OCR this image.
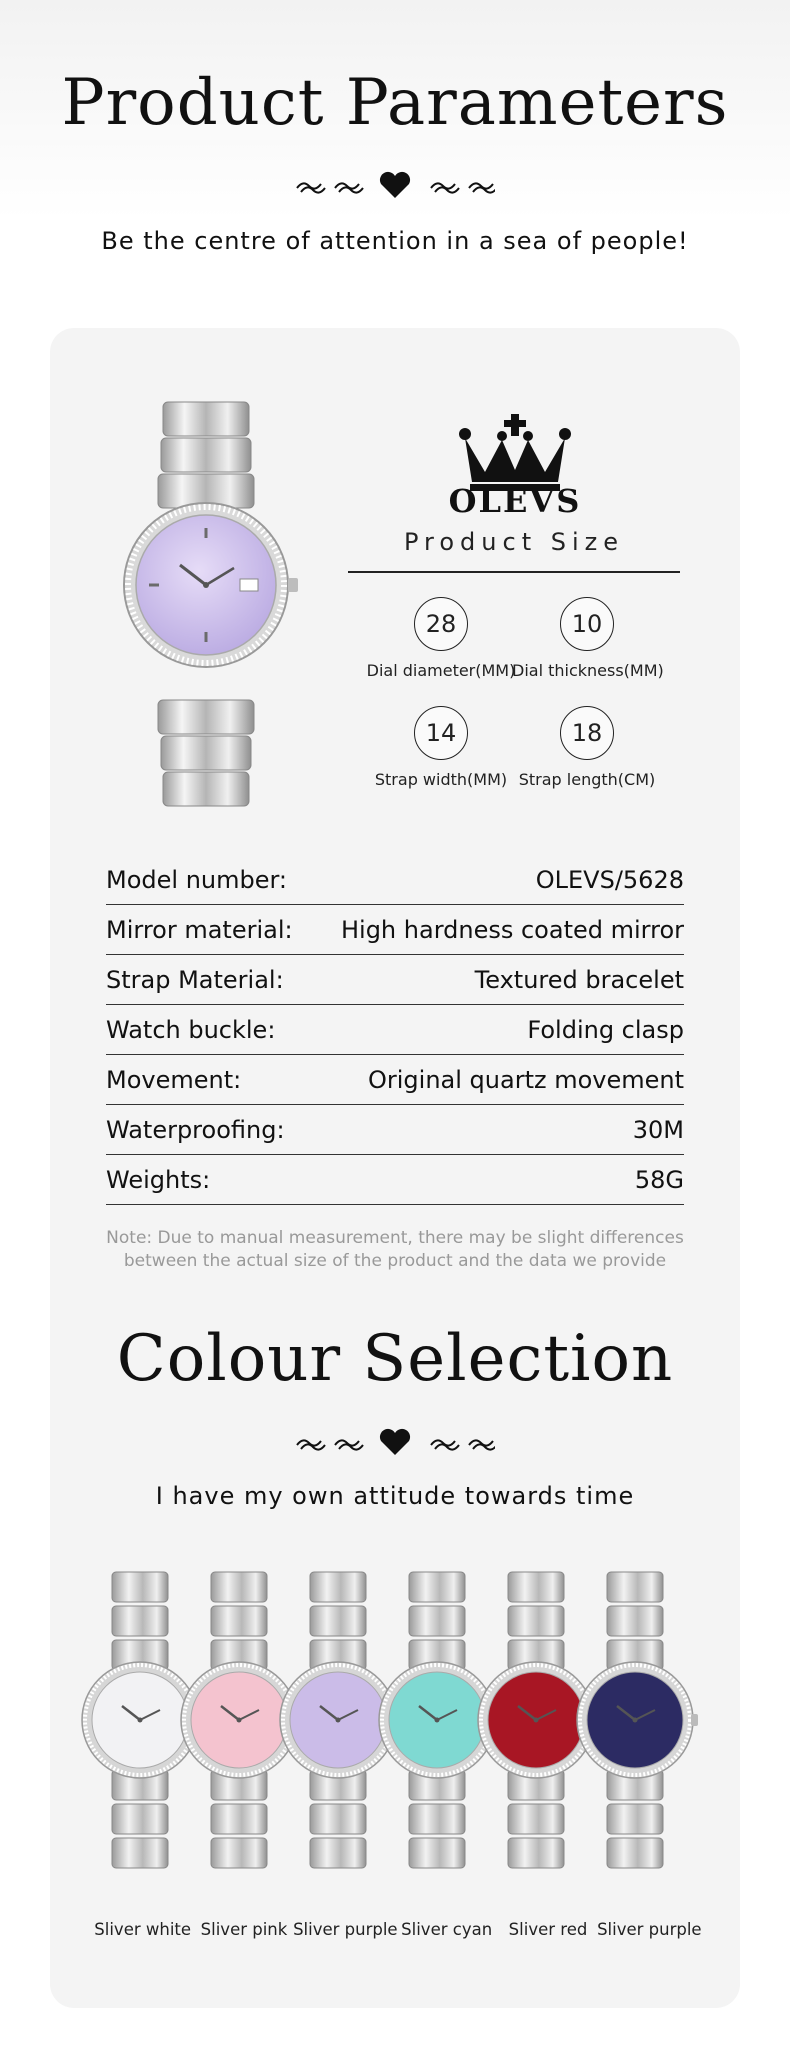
Product Parameters
Be the centre of attention in a sea of people!
OLEVS
Product Size
28
Dial diameter(MM)
10
Dial thickness(MM)
14
Strap width(MM)
18
Strap length(CM)
Model number:	OLEVS/5628
Mirror material: High hardness coated mirror
Strap Material:	Textured bracelet
Watch buckle:	Folding clasp
Movement:	Original quartz movement
Waterproofing:	30M
Weights:	58G
Note: Due to manual measurement, there may be slight differences
between the actual size of the product and the data we provide
Colour Selection
I have my own attitude towards time
Sliver white Sliver pink Sliver purple Sliver cyan Sliver red Sliver purple
